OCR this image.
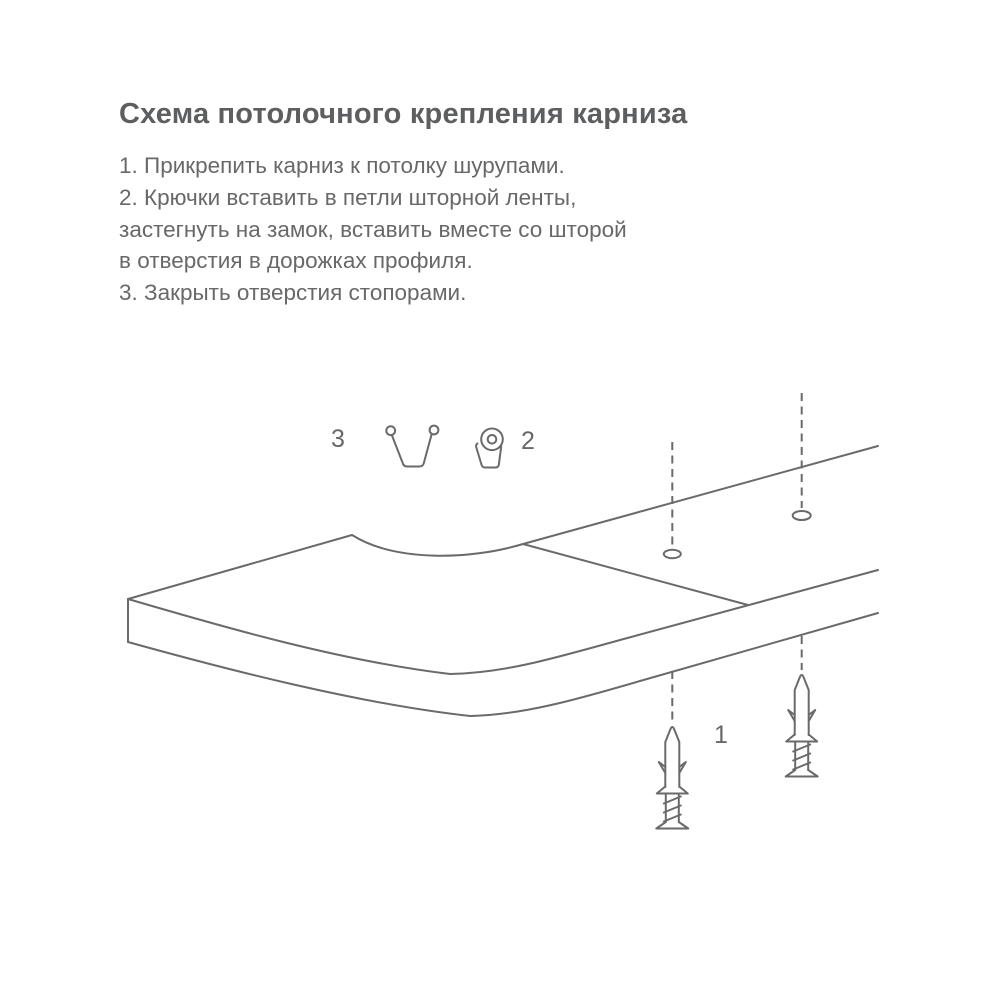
Схема потолочного крепления карниза

1. Прикрепить карниз к потолку шурупами.

2. Крючки вставить в петли шторной ленты,

застегнуть на замок, вставить вместе со шторой

в отверстия в дорожках профиля.

3. Закрыть отверстия стопорами.

3	2
1
